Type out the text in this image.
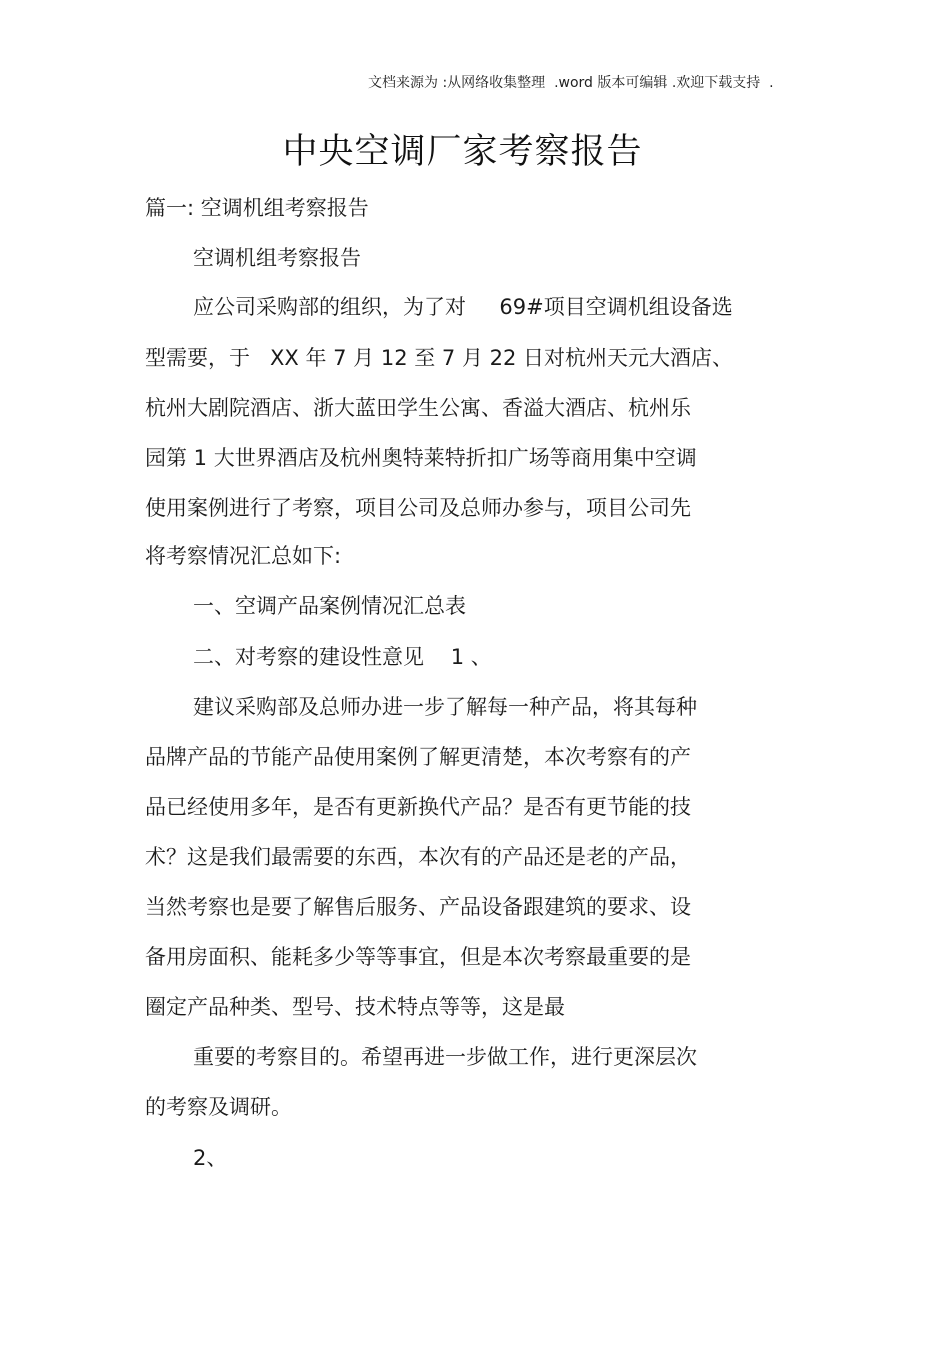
文档来源为 :从网络收集整理  .word 版本可编辑 .欢迎下载支持  .
中央空调厂家考察报告
篇一: 空调机组考察报告
空调机组考察报告
应公司采购部的组织，为了对     69#项目空调机组设备选
型需要，于   XX 年 7 月 12 至 7 月 22 日对杭州天元大酒店、
杭州大剧院酒店、浙大蓝田学生公寓、香溢大酒店、杭州乐
园第 1 大世界酒店及杭州奥特莱特折扣广场等商用集中空调
使用案例进行了考察，项目公司及总师办参与，项目公司先
将考察情况汇总如下:
一、空调产品案例情况汇总表
二、对考察的建设性意见    1 、
建议采购部及总师办进一步了解每一种产品，将其每种
品牌产品的节能产品使用案例了解更清楚，本次考察有的产
品已经使用多年，是否有更新换代产品？是否有更节能的技
术？这是我们最需要的东西，本次有的产品还是老的产品，
当然考察也是要了解售后服务、产品设备跟建筑的要求、设
备用房面积、能耗多少等等事宜，但是本次考察最重要的是
圈定产品种类、型号、技术特点等等，这是最
重要的考察目的。希望再进一步做工作，进行更深层次
的考察及调研。
2、
